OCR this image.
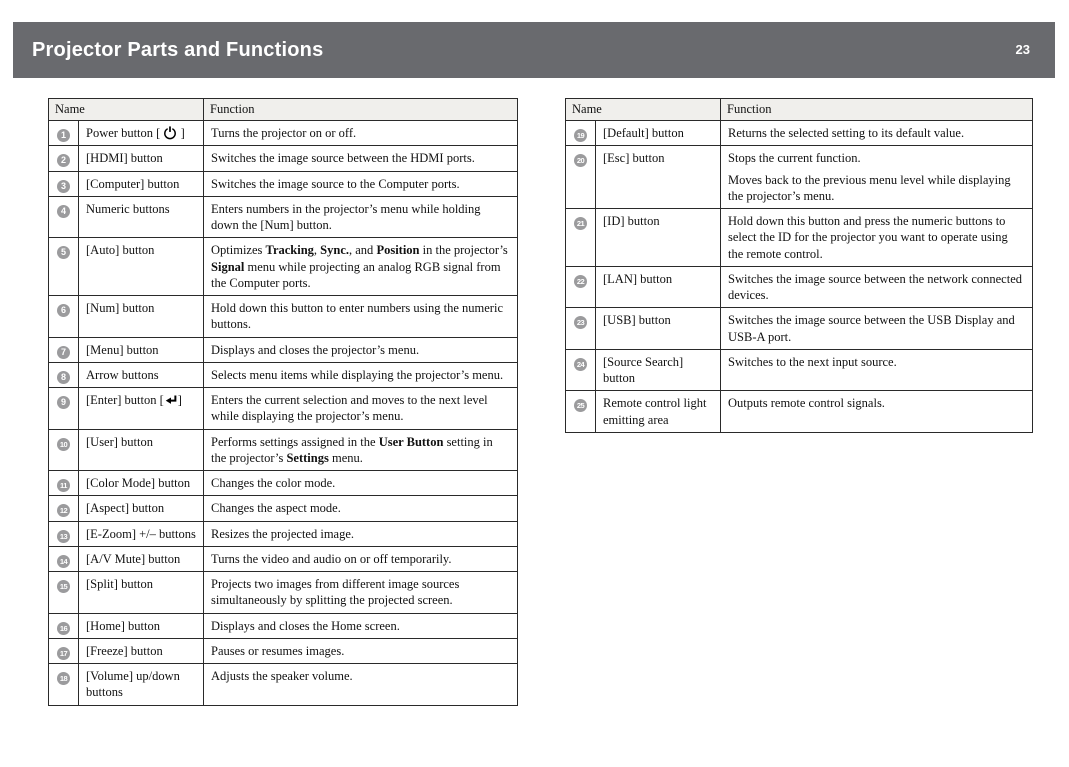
Projector Parts and Functions	23
Name		Function
1	Power button [  ]	Turns the projector on or off.

2	[HDMI] button	Switches the image source between the HDMI ports.

3	[Computer] button	Switches the image source to the Computer ports.

4	Numeric buttons	Enters numbers in the projector’s menu while holding down the [Num] button.

5	[Auto] button	Optimizes Tracking, Sync., and Position in the projector’s Signal menu while projecting an analog RGB signal from the Computer ports.

6	[Num] button	Hold down this button to enter numbers using the numeric buttons.

7	[Menu] button	Displays and closes the projector’s menu.

8	Arrow buttons	Selects menu items while displaying the projector’s menu.

9	[Enter] button [ ]	Enters the current selection and moves to the next level while displaying the projector’s menu.

10	[User] button	Performs settings assigned in the User Button setting in the projector’s Settings menu.

11	[Color Mode] button	Changes the color mode.

12	[Aspect] button	Changes the aspect mode.

13	[E-Zoom] +/– buttons	Resizes the projected image.

14	[A/V Mute] button	Turns the video and audio on or off temporarily.

15	[Split] button	Projects two images from different image sources simultaneously by splitting the projected screen.

16	[Home] button	Displays and closes the Home screen.

17	[Freeze] button	Pauses or resumes images.

18	[Volume] up/down buttons	Adjusts the speaker volume.

Name		Function
19	[Default] button	Returns the selected setting to its default value.

20	[Esc] button	Stops the current function.

Moves back to the previous menu level while displaying the projector’s menu.

21	[ID] button	Hold down this button and press the numeric buttons to select the ID for the projector you want to operate using the remote control.

22	[LAN] button	Switches the image source between the network connected devices.

23	[USB] button	Switches the image source between the USB Display and USB-A port.

24	[Source Search] button	Switches to the next input source.

25	Remote control light emitting area	Outputs remote control signals.
